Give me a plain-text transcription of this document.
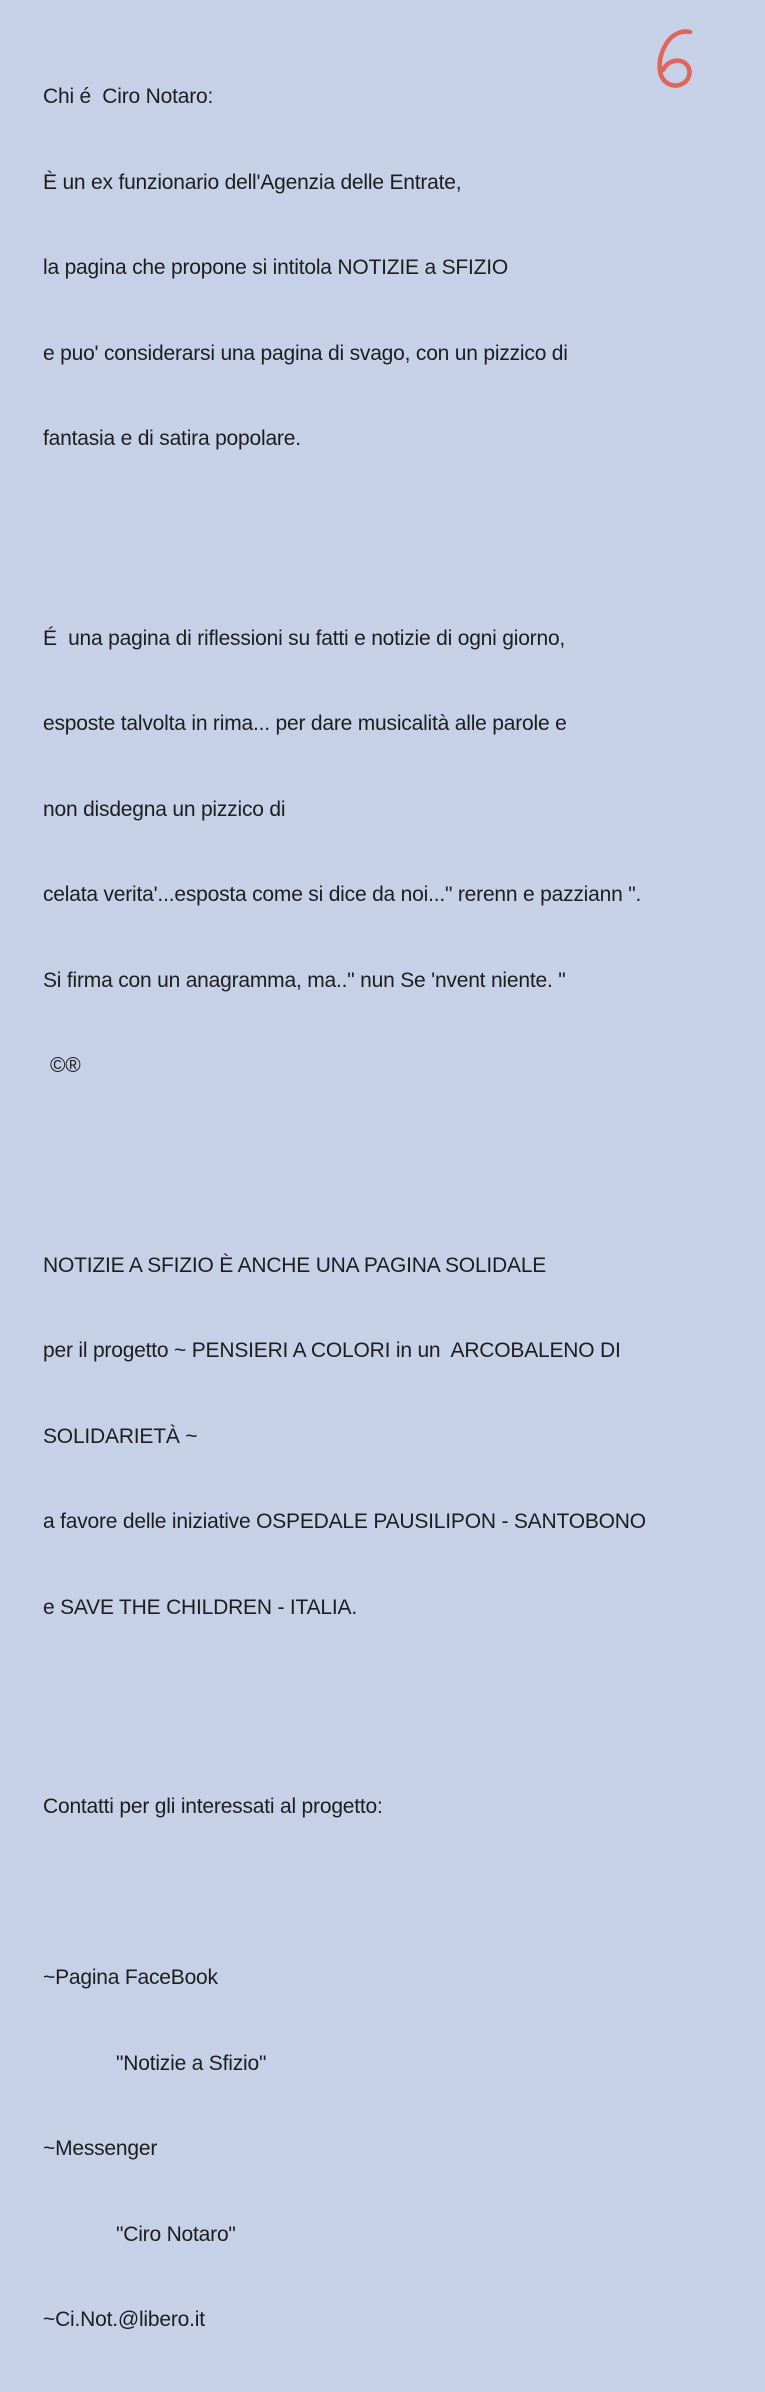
Chi é  Ciro Notaro:

È un ex funzionario dell'Agenzia delle Entrate,

la pagina che propone si intitola NOTIZIE a SFIZIO

e puo' considerarsi una pagina di svago, con un pizzico di

fantasia e di satira popolare.

É  una pagina di riflessioni su fatti e notizie di ogni giorno,

esposte talvolta in rima... per dare musicalità alle parole e

non disdegna un pizzico di

celata verita'...esposta come si dice da noi..." rerenn e pazziann ".

Si firma con un anagramma, ma.." nun Se 'nvent niente. "

©®

NOTIZIE A SFIZIO È ANCHE UNA PAGINA SOLIDALE

per il progetto ~ PENSIERI A COLORI in un  ARCOBALENO DI

SOLIDARIETÀ ~

a favore delle iniziative OSPEDALE PAUSILIPON - SANTOBONO

e SAVE THE CHILDREN - ITALIA.

Contatti per gli interessati al progetto:

~Pagina FaceBook

"Notizie a Sfizio"

~Messenger

"Ciro Notaro"

~Ci.Not.@libero.it
